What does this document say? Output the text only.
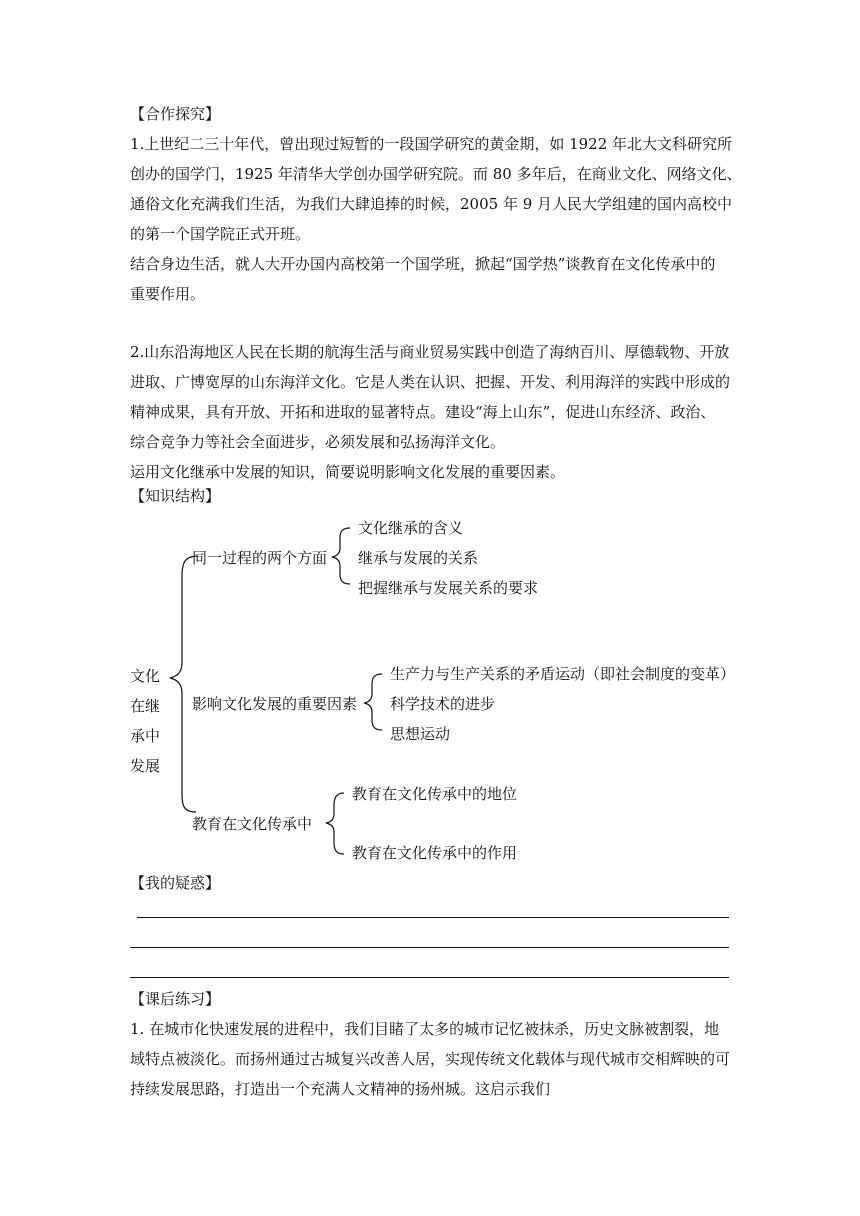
【合作探究】
1.上世纪二三十年代，曾出现过短暂的一段国学研究的黄金期，如 1922 年北大文科研究所
创办的国学门，1925 年清华大学创办国学研究院。而 80 多年后，在商业文化、网络文化、
通俗文化充满我们生活，为我们大肆追捧的时候，2005 年 9 月人民大学组建的国内高校中
的第一个国学院正式开班。
结合身边生活，就人大开办国内高校第一个国学班，掀起“国学热”谈教育在文化传承中的
重要作用。
2.山东沿海地区人民在长期的航海生活与商业贸易实践中创造了海纳百川、厚德载物、开放
进取、广博宽厚的山东海洋文化。它是人类在认识、把握、开发、利用海洋的实践中形成的
精神成果，具有开放、开拓和进取的显著特点。建设“海上山东”，促进山东经济、政治、
综合竞争力等社会全面进步，必须发展和弘扬海洋文化。
运用文化继承中发展的知识，简要说明影响文化发展的重要因素。
【知识结构】
文化
在继
承中
发展
同一过程的两个方面
文化继承的含义
继承与发展的关系
把握继承与发展关系的要求
影响文化发展的重要因素
生产力与生产关系的矛盾运动（即社会制度的变革）
科学技术的进步
思想运动
教育在文化传承中
教育在文化传承中的地位
教育在文化传承中的作用
【我的疑惑】
【课后练习】
1. 在城市化快速发展的进程中，我们目睹了太多的城市记忆被抹杀，历史文脉被割裂，地
域特点被淡化。而扬州通过古城复兴改善人居，实现传统文化载体与现代城市交相辉映的可
持续发展思路，打造出一个充满人文精神的扬州城。这启示我们
